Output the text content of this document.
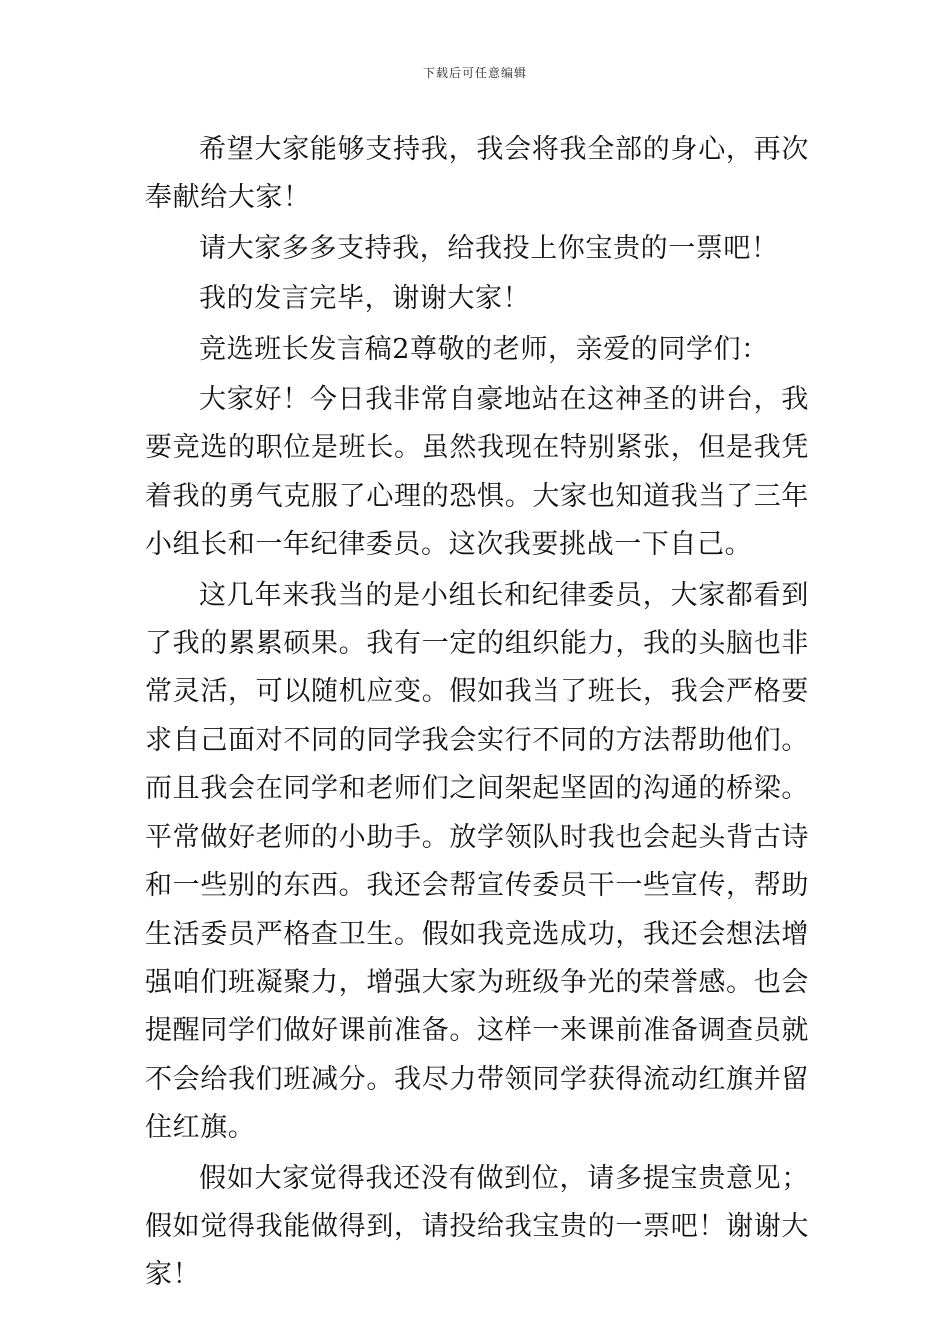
下载后可任意编辑

希望大家能够支持我，我会将我全部的身心，再次奉献给大家！

请大家多多支持我，给我投上你宝贵的一票吧！

我的发言完毕，谢谢大家！

竞选班长发言稿2尊敬的老师，亲爱的同学们：

大家好！今日我非常自豪地站在这神圣的讲台，我要竞选的职位是班长。虽然我现在特别紧张，但是我凭着我的勇气克服了心理的恐惧。大家也知道我当了三年小组长和一年纪律委员。这次我要挑战一下自己。

这几年来我当的是小组长和纪律委员，大家都看到了我的累累硕果。我有一定的组织能力，我的头脑也非常灵活，可以随机应变。假如我当了班长，我会严格要求自己面对不同的同学我会实行不同的方法帮助他们。而且我会在同学和老师们之间架起坚固的沟通的桥梁。平常做好老师的小助手。放学领队时我也会起头背古诗和一些别的东西。我还会帮宣传委员干一些宣传，帮助生活委员严格查卫生。假如我竞选成功，我还会想法增强咱们班凝聚力，增强大家为班级争光的荣誉感。也会提醒同学们做好课前准备。这样一来课前准备调查员就不会给我们班减分。我尽力带领同学获得流动红旗并留住红旗。

假如大家觉得我还没有做到位，请多提宝贵意见；假如觉得我能做得到，请投给我宝贵的一票吧！谢谢大家！
